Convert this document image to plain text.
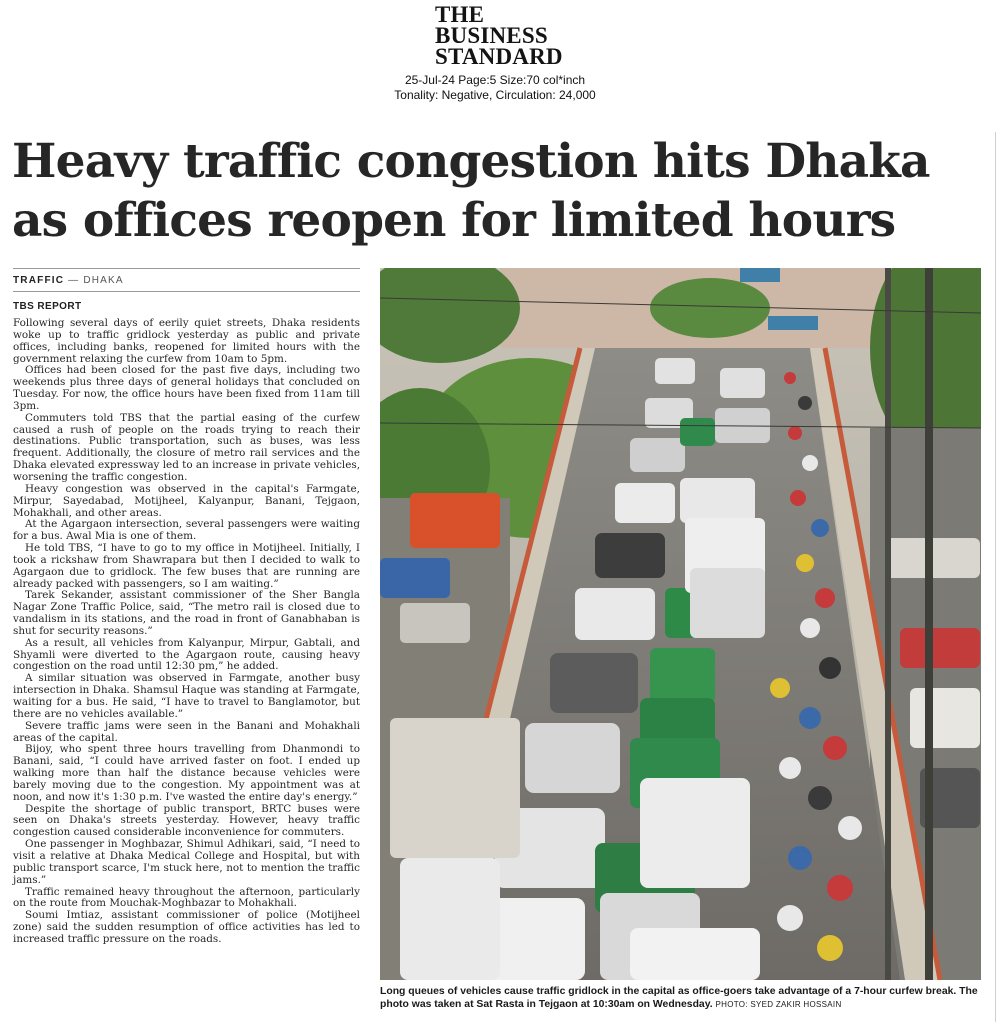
THE
BUSINESS
STANDARD
25-Jul-24 Page:5 Size:70 col*inch
Tonality: Negative, Circulation: 24,000
Heavy traffic congestion hits Dhaka as offices reopen for limited hours
TRAFFIC — DHAKA
TBS REPORT

Following several days of eerily quiet streets, Dhaka residents woke up to traffic gridlock yesterday as public and private offices, including banks, reopened for limited hours with the government relaxing the curfew from 10am to 5pm.

Offices had been closed for the past five days, including two weekends plus three days of general holidays that concluded on Tuesday. For now, the office hours have been fixed from 11am till 3pm.

Commuters told TBS that the partial easing of the curfew caused a rush of people on the roads trying to reach their destinations. Public transportation, such as buses, was less frequent. Additionally, the closure of metro rail services and the Dhaka elevated expressway led to an increase in private vehicles, worsening the traffic congestion.

Heavy congestion was observed in the capital's Farmgate, Mirpur, Sayedabad, Motijheel, Kalyanpur, Banani, Tejgaon, Mohakhali, and other areas.

At the Agargaon intersection, several passengers were waiting for a bus. Awal Mia is one of them.

He told TBS, “I have to go to my office in Motijheel. Initially, I took a rickshaw from Shawrapara but then I decided to walk to Agargaon due to gridlock. The few buses that are running are already packed with passengers, so I am waiting.”

Tarek Sekander, assistant commissioner of the Sher Bangla Nagar Zone Traffic Police, said, “The metro rail is closed due to vandalism in its stations, and the road in front of Ganabhaban is shut for security reasons.”

As a result, all vehicles from Kalyanpur, Mirpur, Gabtali, and Shyamli were diverted to the Agargaon route, causing heavy congestion on the road until 12:30 pm,” he added.

A similar situation was observed in Farmgate, another busy intersection in Dhaka. Shamsul Haque was standing at Farmgate, waiting for a bus. He said, “I have to travel to Banglamotor, but there are no vehicles available.”

Severe traffic jams were seen in the Banani and Mohakhali areas of the capital.

Bijoy, who spent three hours travelling from Dhanmondi to Banani, said, “I could have arrived faster on foot. I ended up walking more than half the distance because vehicles were barely moving due to the congestion. My appointment was at noon, and now it's 1:30 p.m. I've wasted the entire day's energy.”

Despite the shortage of public transport, BRTC buses were seen on Dhaka's streets yesterday. However, heavy traffic congestion caused considerable inconvenience for commuters.

One passenger in Moghbazar, Shimul Adhikari, said, “I need to visit a relative at Dhaka Medical College and Hospital, but with public transport scarce, I'm stuck here, not to mention the traffic jams.”

Traffic remained heavy throughout the afternoon, particularly on the route from Mouchak-Moghbazar to Mohakhali.

Soumi Imtiaz, assistant commissioner of police (Motijheel zone) said the sudden resumption of office activities has led to increased traffic pressure on the roads.

Long queues of vehicles cause traffic gridlock in the capital as office-goers take advantage of a 7-hour curfew break. The photo was taken at Sat Rasta in Tejgaon at 10:30am on Wednesday. PHOTO: SYED ZAKIR HOSSAIN
